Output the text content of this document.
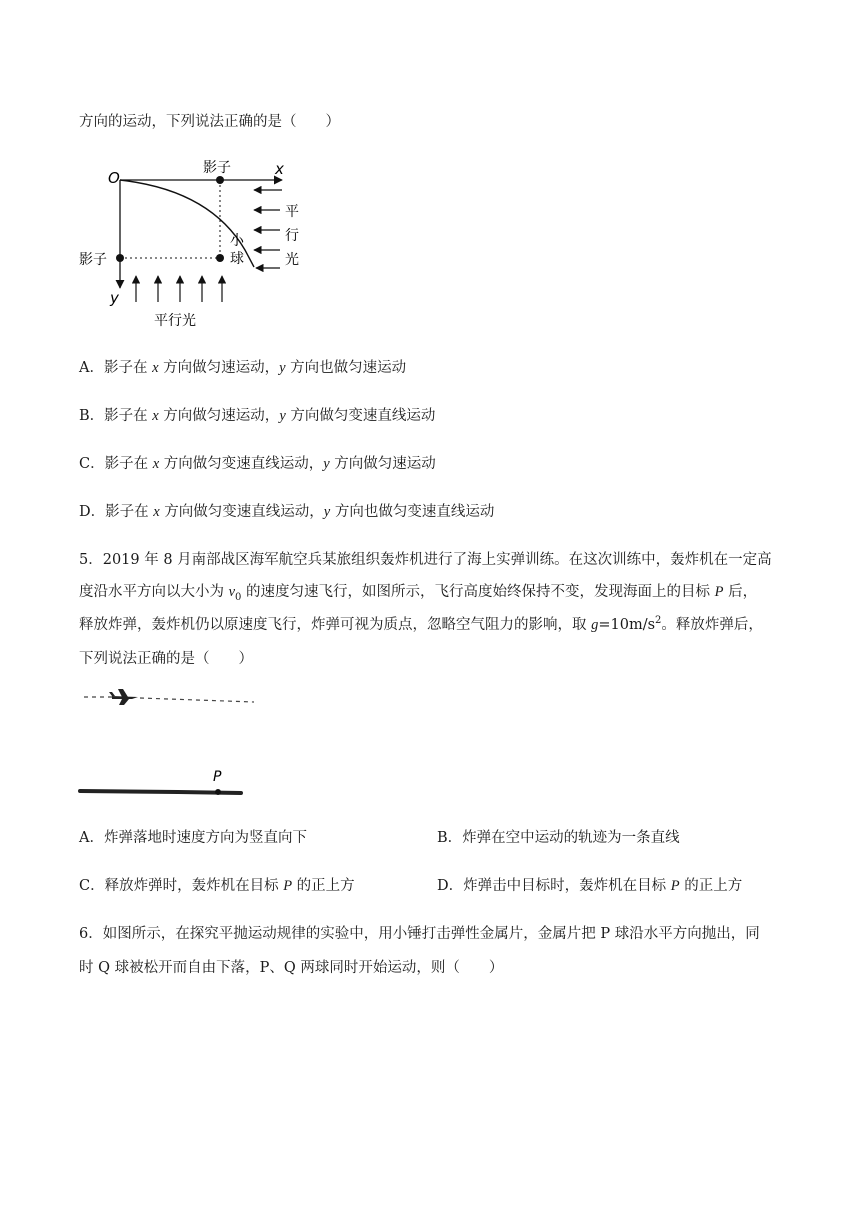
方向的运动，下列说法正确的是（　　）
O	x
y
影子
影子
小
球
平
行
光
平行光
A．影子在 x 方向做匀速运动，y 方向也做匀速运动
B．影子在 x 方向做匀速运动，y 方向做匀变速直线运动
C．影子在 x 方向做匀变速直线运动，y 方向做匀速运动
D．影子在 x 方向做匀变速直线运动，y 方向也做匀变速直线运动
5．2019 年 8 月南部战区海军航空兵某旅组织轰炸机进行了海上实弹训练。在这次训练中，轰炸机在一定高
度沿水平方向以大小为 $v_0$ 的速度匀速飞行，如图所示，飞行高度始终保持不变，发现海面上的目标 P 后，
释放炸弹，轰炸机仍以原速度飞行，炸弹可视为质点，忽略空气阻力的影响，取 $g=10m/s^2$。释放炸弹后，
下列说法正确的是（　　）
P
A．炸弹落地时速度方向为竖直向下	B．炸弹在空中运动的轨迹为一条直线
C．释放炸弹时，轰炸机在目标 P 的正上方	D．炸弹击中目标时，轰炸机在目标 P 的正上方
6．如图所示，在探究平抛运动规律的实验中，用小锤打击弹性金属片，金属片把 P 球沿水平方向抛出，同
时 Q 球被松开而自由下落，P、Q 两球同时开始运动，则（　　）
